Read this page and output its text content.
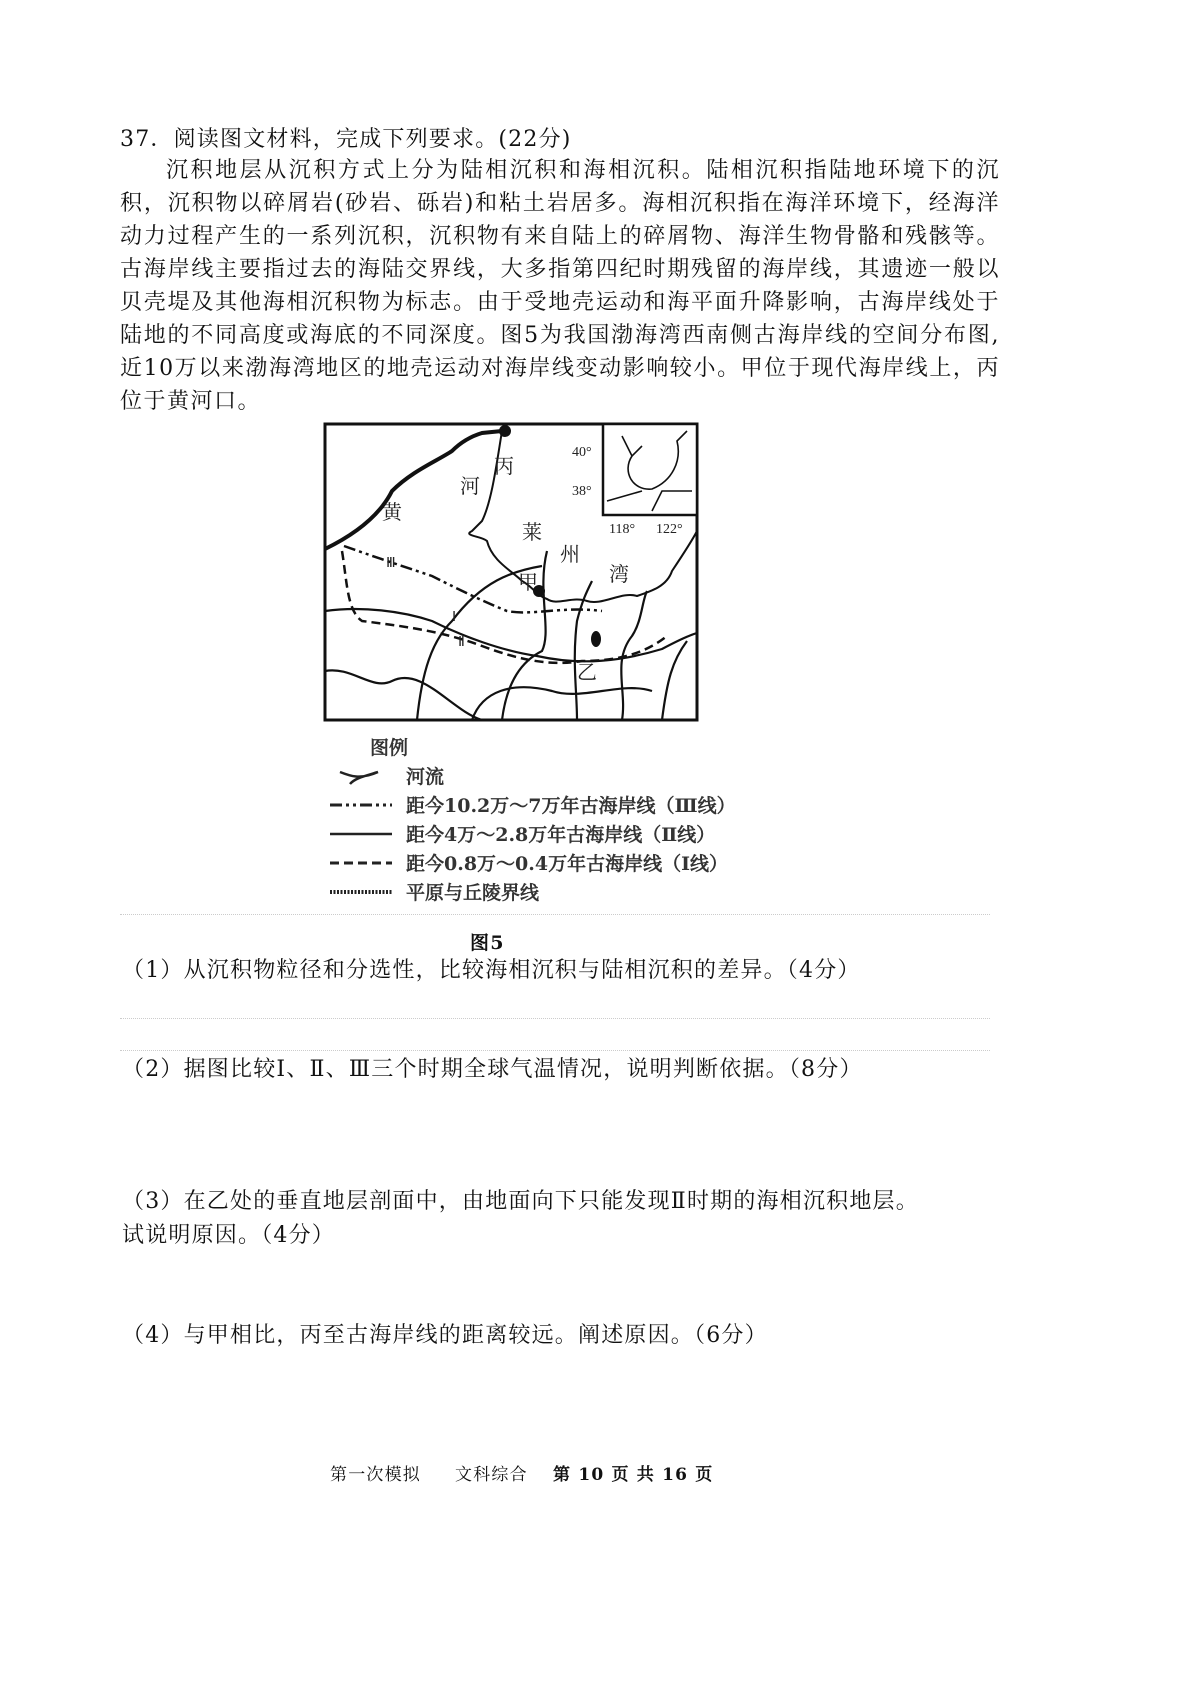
37．阅读图文材料，完成下列要求。(22分)
沉积地层从沉积方式上分为陆相沉积和海相沉积。陆相沉积指陆地环境下的沉积，沉积物以碎屑岩(砂岩、砾岩)和粘土岩居多。海相沉积指在海洋环境下，经海洋动力过程产生的一系列沉积，沉积物有来自陆上的碎屑物、海洋生物骨骼和残骸等。古海岸线主要指过去的海陆交界线，大多指第四纪时期残留的海岸线，其遗迹一般以贝壳堤及其他海相沉积物为标志。由于受地壳运动和海平面升降影响，古海岸线处于陆地的不同高度或海底的不同深度。图5为我国渤海湾西南侧古海岸线的空间分布图,近10万以来渤海湾地区的地壳运动对海岸线变动影响较小。甲位于现代海岸线上，丙位于黄河口。
河
黄
丙
莱
州
湾
甲
乙
Ⅲ
Ⅰ
Ⅱ
40°
38°
118° 122°
图例
河流
距今10.2万～7万年古海岸线（Ⅲ线）
距今4万～2.8万年古海岸线（Ⅱ线）
距今0.8万～0.4万年古海岸线（Ⅰ线）
平原与丘陵界线
图5
（1）从沉积物粒径和分选性，比较海相沉积与陆相沉积的差异。（4分）
（2）据图比较Ⅰ、Ⅱ、Ⅲ三个时期全球气温情况，说明判断依据。（8分）
（3）在乙处的垂直地层剖面中，由地面向下只能发现Ⅱ时期的海相沉积地层。
试说明原因。（4分）
（4）与甲相比，丙至古海岸线的距离较远。阐述原因。（6分）
第一次模拟 文科综合 第 10 页 共 16 页
